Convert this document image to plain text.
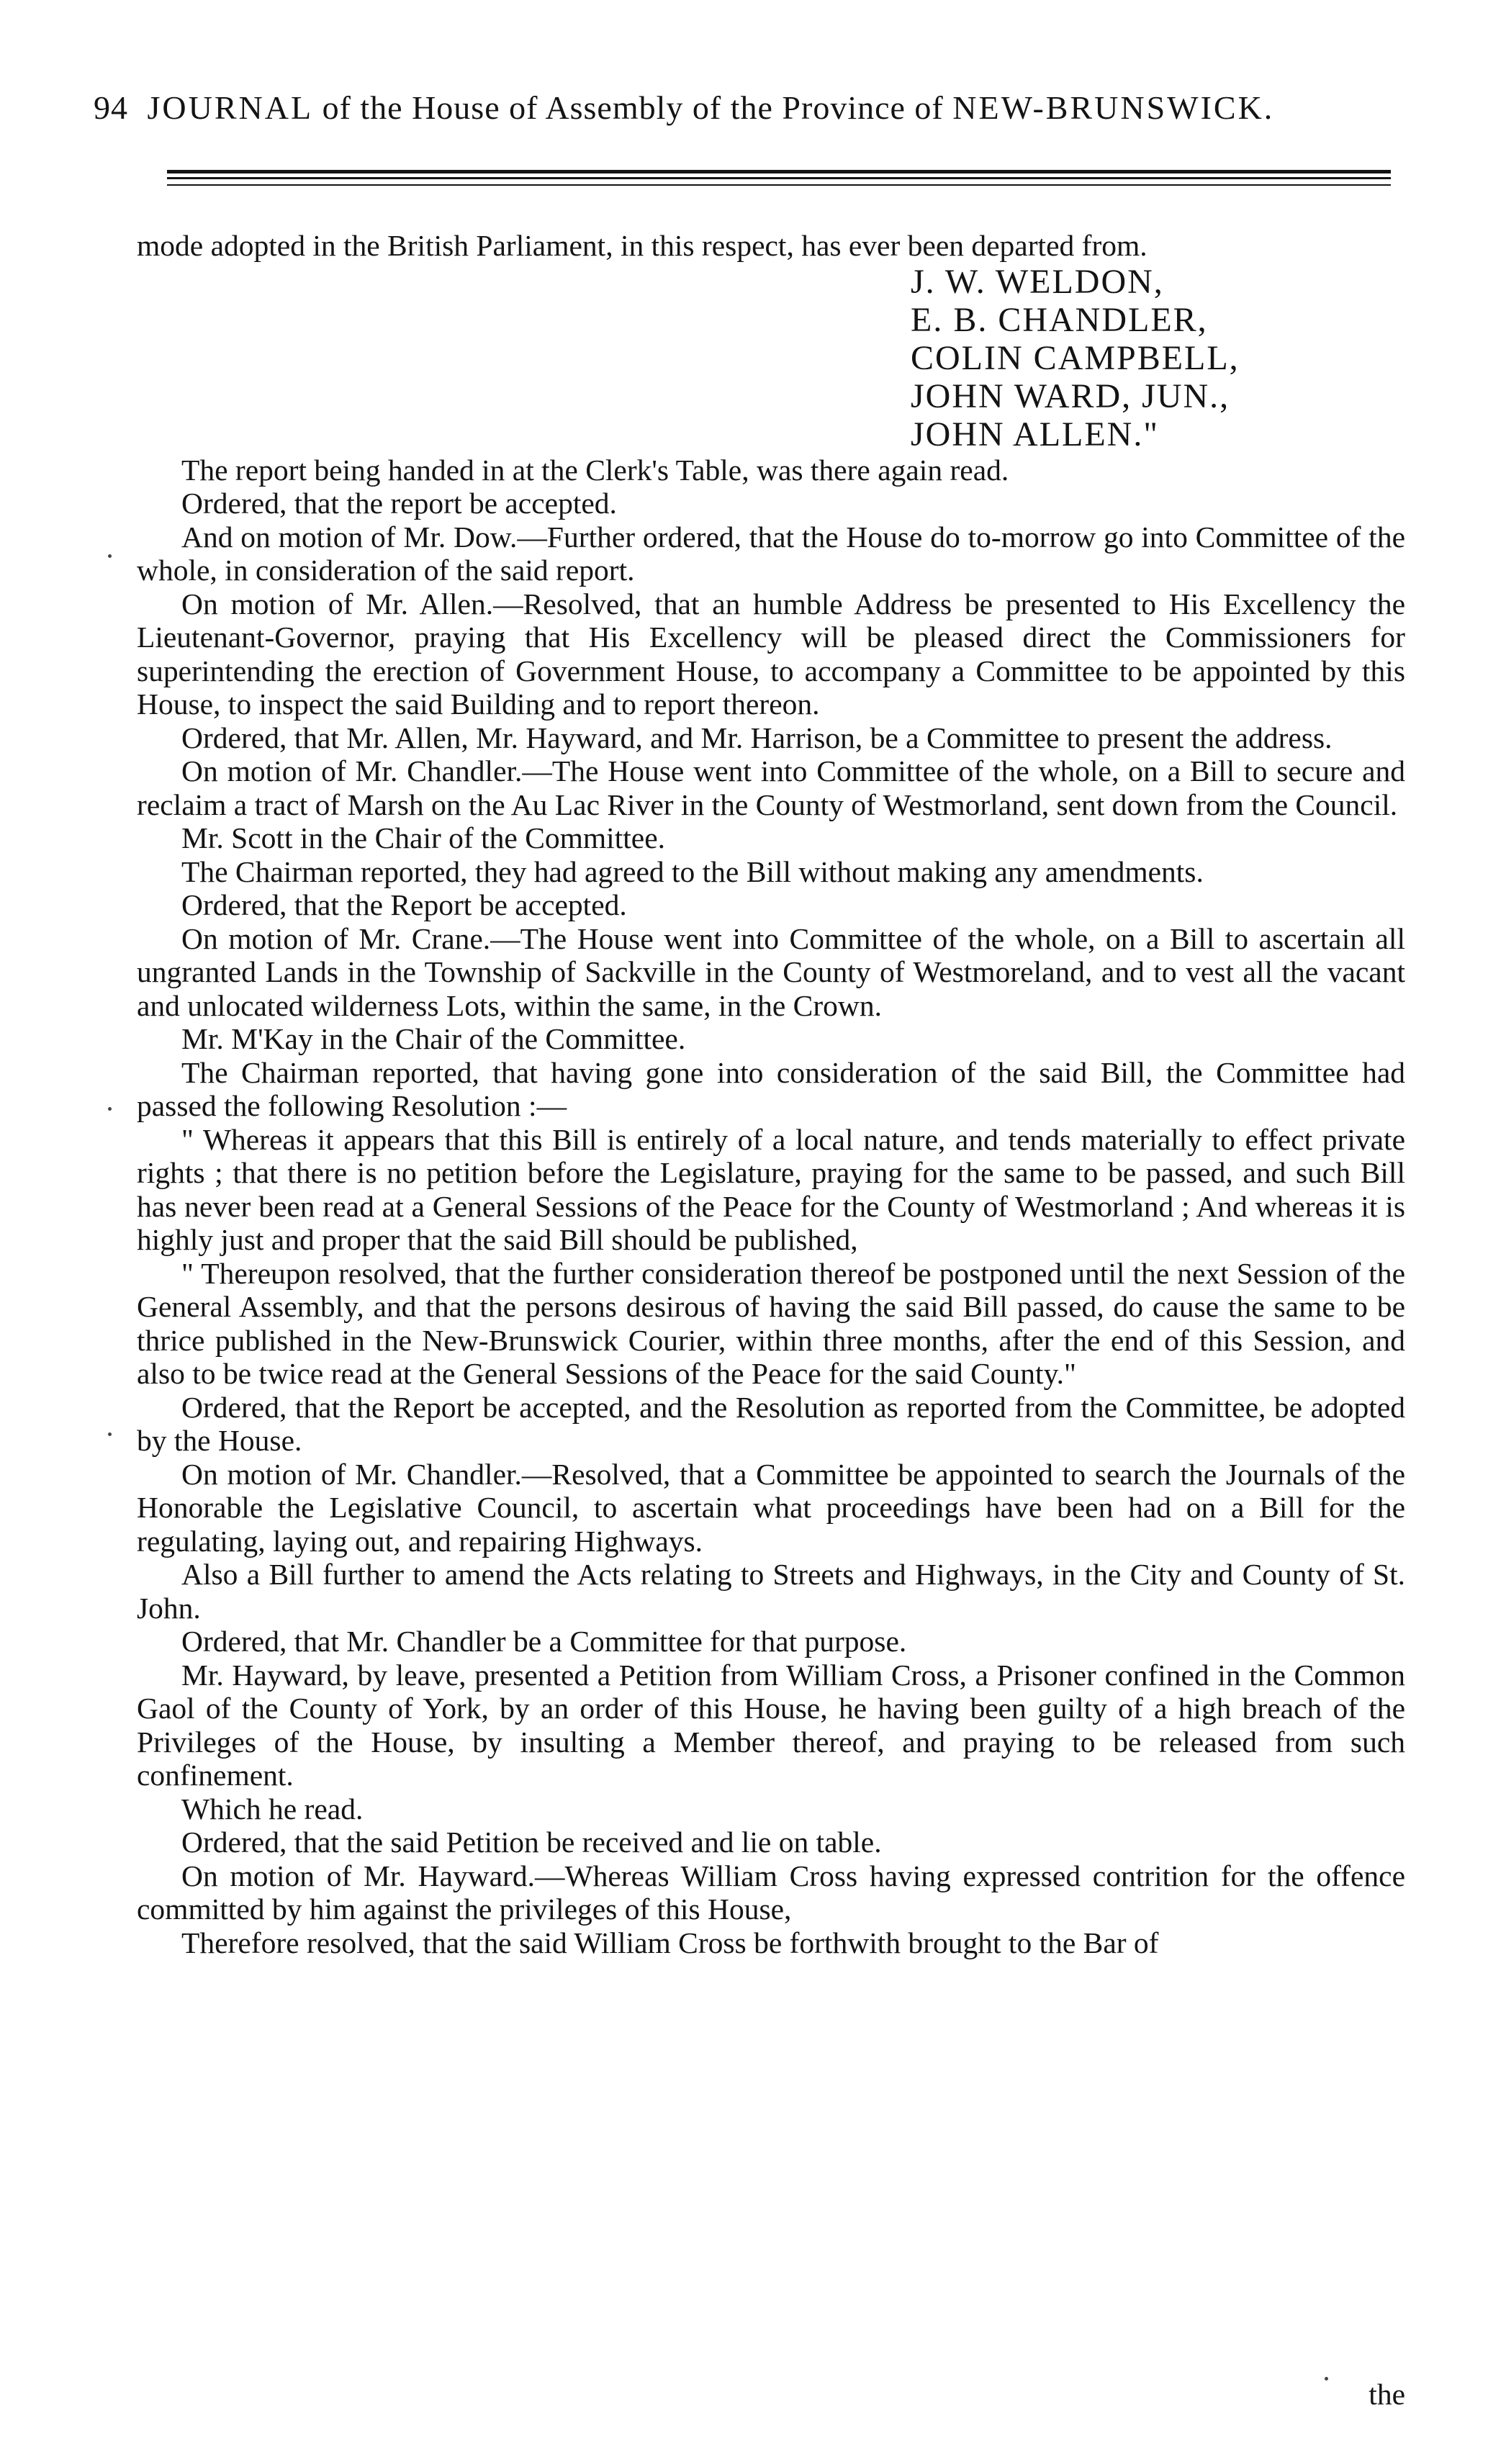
94 JOURNAL of the House of Assembly of the Province of NEW-BRUNSWICK.

mode adopted in the British Parliament, in this respect, has ever been departed from.

J. W. WELDON,
E. B. CHANDLER,
COLIN CAMPBELL,
JOHN WARD, JUN.,
JOHN ALLEN."

The report being handed in at the Clerk's Table, was there again read.

Ordered, that the report be accepted.

And on motion of Mr. Dow.—Further ordered, that the House do to-morrow go into Committee of the whole, in consideration of the said report.

On motion of Mr. Allen.—Resolved, that an humble Address be presented to His Excellency the Lieutenant-Governor, praying that His Excellency will be pleased direct the Commissioners for superintending the erection of Government House, to accompany a Committee to be appointed by this House, to inspect the said Building and to report thereon.

Ordered, that Mr. Allen, Mr. Hayward, and Mr. Harrison, be a Committee to present the address.

On motion of Mr. Chandler.—The House went into Committee of the whole, on a Bill to secure and reclaim a tract of Marsh on the Au Lac River in the County of Westmorland, sent down from the Council.

Mr. Scott in the Chair of the Committee.

The Chairman reported, they had agreed to the Bill without making any amendments.

Ordered, that the Report be accepted.

On motion of Mr. Crane.—The House went into Committee of the whole, on a Bill to ascertain all ungranted Lands in the Township of Sackville in the County of Westmoreland, and to vest all the vacant and unlocated wilderness Lots, within the same, in the Crown.

Mr. M'Kay in the Chair of the Committee.

The Chairman reported, that having gone into consideration of the said Bill, the Committee had passed the following Resolution :—

" Whereas it appears that this Bill is entirely of a local nature, and tends materially to effect private rights ; that there is no petition before the Legislature, praying for the same to be passed, and such Bill has never been read at a General Sessions of the Peace for the County of Westmorland ; And whereas it is highly just and proper that the said Bill should be published,

" Thereupon resolved, that the further consideration thereof be postponed until the next Session of the General Assembly, and that the persons desirous of having the said Bill passed, do cause the same to be thrice published in the New-Brunswick Courier, within three months, after the end of this Session, and also to be twice read at the General Sessions of the Peace for the said County."

Ordered, that the Report be accepted, and the Resolution as reported from the Committee, be adopted by the House.

On motion of Mr. Chandler.—Resolved, that a Committee be appointed to search the Journals of the Honorable the Legislative Council, to ascertain what proceedings have been had on a Bill for the regulating, laying out, and repairing Highways.

Also a Bill further to amend the Acts relating to Streets and Highways, in the City and County of St. John.

Ordered, that Mr. Chandler be a Committee for that purpose.

Mr. Hayward, by leave, presented a Petition from William Cross, a Prisoner confined in the Common Gaol of the County of York, by an order of this House, he having been guilty of a high breach of the Privileges of the House, by insulting a Member thereof, and praying to be released from such confinement.

Which he read.

Ordered, that the said Petition be received and lie on table.

On motion of Mr. Hayward.—Whereas William Cross having expressed contrition for the offence committed by him against the privileges of this House,

Therefore resolved, that the said William Cross be forthwith brought to the Bar of

the
